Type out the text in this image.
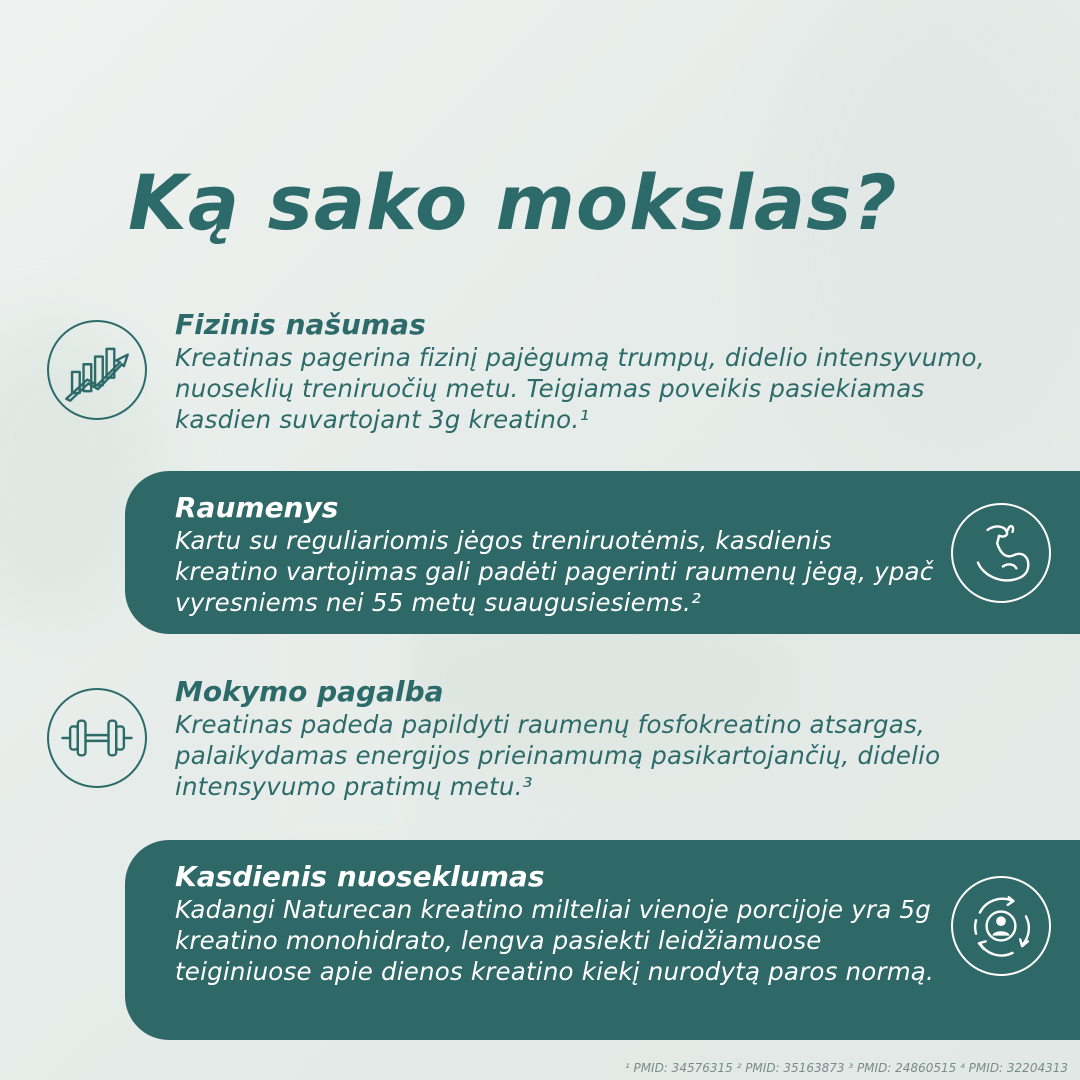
Ką sako mokslas?
Fizinis našumas

Kreatinas pagerina fizinį pajėgumą trumpų, didelio intensyvumo, nuoseklių treniruočių metu. Teigiamas poveikis pasiekiamas kasdien suvartojant 3g kreatino.¹

Raumenys

Kartu su reguliariomis jėgos treniruotėmis, kasdienis kreatino vartojimas gali padėti pagerinti raumenų jėgą, ypač vyresniems nei 55 metų suaugusiesiems.²

Mokymo pagalba

Kreatinas padeda papildyti raumenų fosfokreatino atsargas, palaikydamas energijos prieinamumą pasikartojančių, didelio intensyvumo pratimų metu.³

Kasdienis nuoseklumas

Kadangi Naturecan kreatino milteliai vienoje porcijoje yra 5g kreatino monohidrato, lengva pasiekti leidžiamuose teiginiuose apie dienos kreatino kiekį nurodytą paros normą.

¹ PMID: 34576315 ² PMID: 35163873 ³ PMID: 24860515 ⁴ PMID: 32204313
